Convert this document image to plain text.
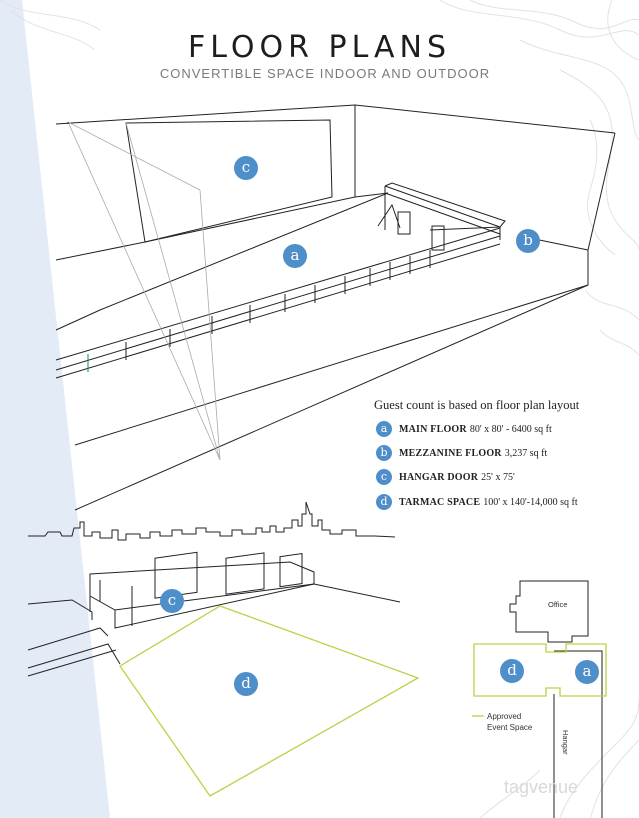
FLOOR PLANS
CONVERTIBLE SPACE INDOOR AND OUTDOOR
c
a
b
Guest count is based on floor plan layout
a	MAIN FLOOR 80' x 80' - 6400 sq ft
b	MEZZANINE FLOOR 3,237 sq ft
c	HANGAR DOOR 25' x 75'
d	TARMAC SPACE 100' x 140'-14,000 sq ft
c
d
Office
Hangar
d	a
Approved
Event Space
tagvenue
